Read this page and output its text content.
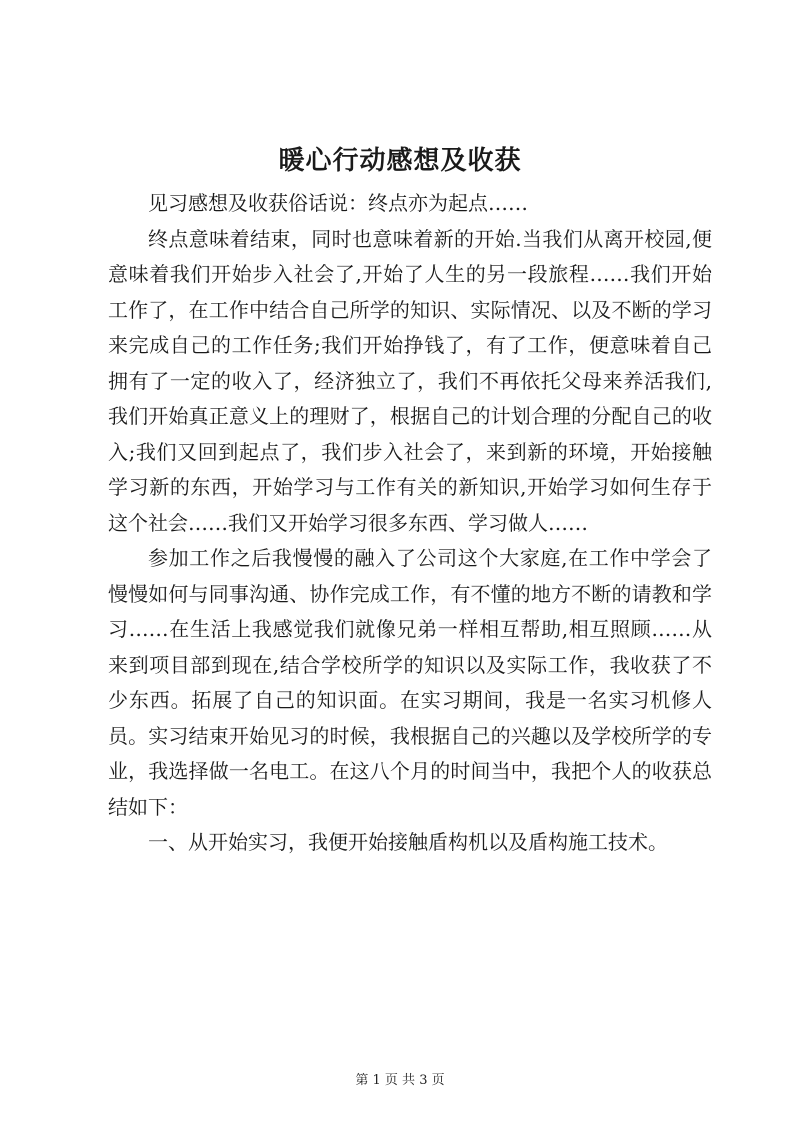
暖心行动感想及收获

见习感想及收获俗话说：终点亦为起点……

终点意味着结束，同时也意味着新的开始.当我们从离开校园,便意味着我们开始步入社会了,开始了人生的另一段旅程……我们开始工作了，在工作中结合自己所学的知识、实际情况、以及不断的学习来完成自己的工作任务;我们开始挣钱了，有了工作，便意味着自己拥有了一定的收入了，经济独立了，我们不再依托父母来养活我们,我们开始真正意义上的理财了，根据自己的计划合理的分配自己的收入;我们又回到起点了，我们步入社会了，来到新的环境，开始接触学习新的东西，开始学习与工作有关的新知识,开始学习如何生存于这个社会……我们又开始学习很多东西、学习做人……

参加工作之后我慢慢的融入了公司这个大家庭,在工作中学会了慢慢如何与同事沟通、协作完成工作，有不懂的地方不断的请教和学习……在生活上我感觉我们就像兄弟一样相互帮助,相互照顾……从来到项目部到现在,结合学校所学的知识以及实际工作，我收获了不少东西。拓展了自己的知识面。在实习期间，我是一名实习机修人员。实习结束开始见习的时候，我根据自己的兴趣以及学校所学的专业，我选择做一名电工。在这八个月的时间当中，我把个人的收获总结如下：

一、从开始实习，我便开始接触盾构机以及盾构施工技术。

第 1 页 共 3 页
